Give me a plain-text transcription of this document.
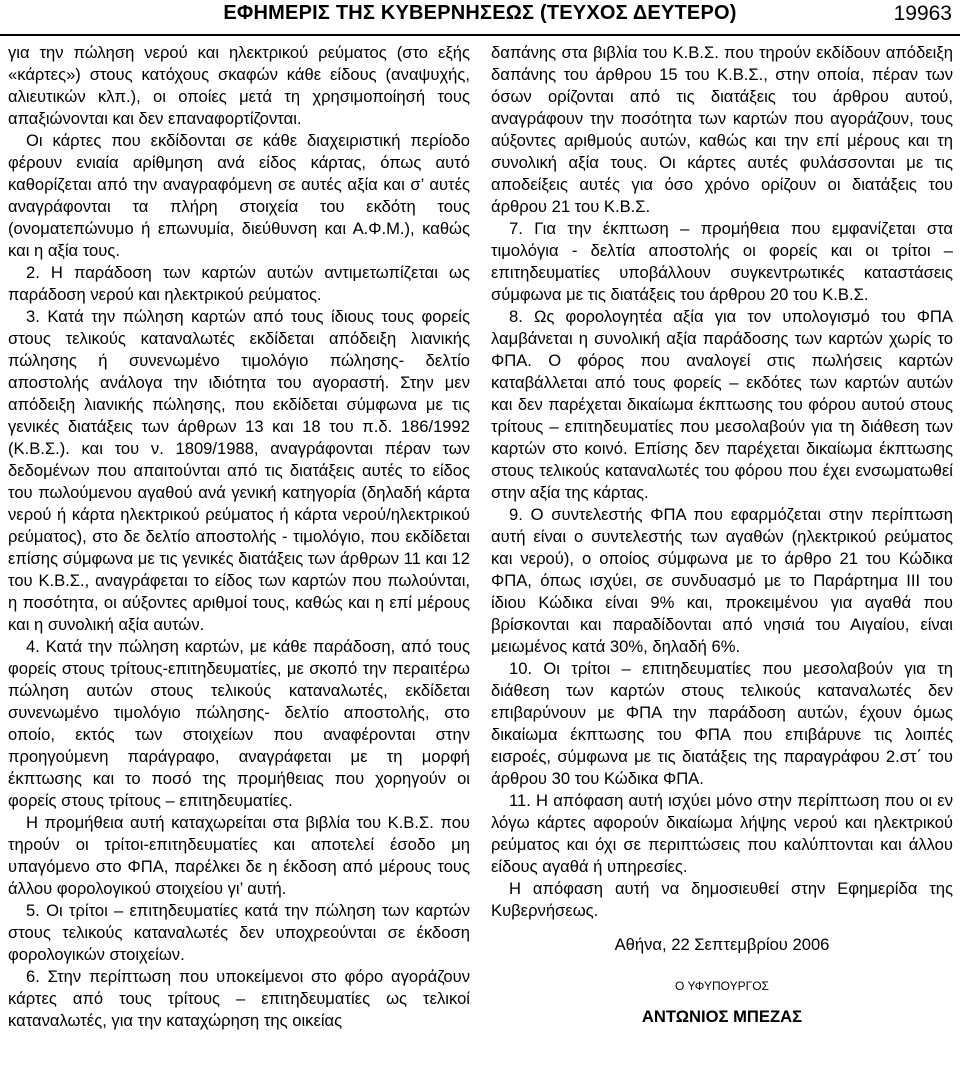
ΕΦΗΜΕΡΙΣ ΤΗΣ ΚΥΒΕΡΝΗΣΕΩΣ (ΤΕΥΧΟΣ ΔΕΥΤΕΡΟ)	19963

για την πώληση νερού και ηλεκτρικού ρεύματος (στο εξής «κάρτες») στους κατόχους σκαφών κάθε είδους (αναψυχής, αλιευτικών κλπ.), οι οποίες μετά τη χρησιμοποίησή τους απαξιώνονται και δεν επαναφορτίζονται.

Οι κάρτες που εκδίδονται σε κάθε διαχειριστική περίοδο φέρουν ενιαία αρίθμηση ανά είδος κάρτας, όπως αυτό καθορίζεται από την αναγραφόμενη σε αυτές αξία και σ’ αυτές αναγράφονται τα πλήρη στοιχεία του εκδότη τους (ονοματεπώνυμο ή επωνυμία, διεύθυνση και Α.Φ.Μ.), καθώς και η αξία τους.

2. Η παράδοση των καρτών αυτών αντιμετωπίζεται ως παράδοση νερού και ηλεκτρικού ρεύματος.

3. Κατά την πώληση καρτών από τους ίδιους τους φορείς στους τελικούς καταναλωτές εκδίδεται απόδειξη λιανικής πώλησης ή συνενωμένο τιμολόγιο πώλησης- δελτίο αποστολής ανάλογα την ιδιότητα του αγοραστή. Στην μεν απόδειξη λιανικής πώλησης, που εκδίδεται σύμφωνα με τις γενικές διατάξεις των άρθρων 13 και 18 του π.δ. 186/1992 (Κ.Β.Σ.). και του ν. 1809/1988, αναγράφονται πέραν των δεδομένων που απαιτούνται από τις διατάξεις αυτές το είδος του πωλούμενου αγαθού ανά γενική κατηγορία (δηλαδή κάρτα νερού ή κάρτα ηλεκτρικού ρεύματος ή κάρτα νερού/ηλεκτρικού ρεύματος), στο δε δελτίο αποστολής - τιμολόγιο, που εκδίδεται επίσης σύμφωνα με τις γενικές διατάξεις των άρθρων 11 και 12 του Κ.Β.Σ., αναγράφεται το είδος των καρτών που πωλούνται, η ποσότητα, οι αύξοντες αριθμοί τους, καθώς και η επί μέρους και η συνολική αξία αυτών.

4. Κατά την πώληση καρτών, με κάθε παράδοση, από τους φορείς στους τρίτους-επιτηδευματίες, με σκοπό την περαιτέρω πώληση αυτών στους τελικούς καταναλωτές, εκδίδεται συνενωμένο τιμολόγιο πώλησης- δελτίο αποστολής, στο οποίο, εκτός των στοιχείων που αναφέρονται στην προηγούμενη παράγραφο, αναγράφεται με τη μορφή έκπτωσης και το ποσό της προμήθειας που χορηγούν οι φορείς στους τρίτους – επιτηδευματίες.

Η προμήθεια αυτή καταχωρείται στα βιβλία του Κ.Β.Σ. που τηρούν οι τρίτοι-επιτηδευματίες και αποτελεί έσοδο μη υπαγόμενο στο ΦΠΑ, παρέλκει δε η έκδοση από μέρους τους άλλου φορολογικού στοιχείου γι’ αυτή.

5. Οι τρίτοι – επιτηδευματίες κατά την πώληση των καρτών στους τελικούς καταναλωτές δεν υποχρεούνται σε έκδοση φορολογικών στοιχείων.

6. Στην περίπτωση που υποκείμενοι στο φόρο αγοράζουν κάρτες από τους τρίτους – επιτηδευματίες ως τελικοί καταναλωτές, για την καταχώρηση της οικείας

δαπάνης στα βιβλία του Κ.Β.Σ. που τηρούν εκδίδουν απόδειξη δαπάνης του άρθρου 15 του Κ.Β.Σ., στην οποία, πέραν των όσων ορίζονται από τις διατάξεις του άρθρου αυτού, αναγράφουν την ποσότητα των καρτών που αγοράζουν, τους αύξοντες αριθμούς αυτών, καθώς και την επί μέρους και τη συνολική αξία τους. Οι κάρτες αυτές φυλάσσονται με τις αποδείξεις αυτές για όσο χρόνο ορίζουν οι διατάξεις του άρθρου 21 του Κ.Β.Σ.

7. Για την έκπτωση – προμήθεια που εμφανίζεται στα τιμολόγια - δελτία αποστολής οι φορείς και οι τρίτοι – επιτηδευματίες υποβάλλουν συγκεντρωτικές καταστάσεις σύμφωνα με τις διατάξεις του άρθρου 20 του Κ.Β.Σ.

8. Ως φορολογητέα αξία για τον υπολογισμό του ΦΠΑ λαμβάνεται η συνολική αξία παράδοσης των καρτών χωρίς το ΦΠΑ. Ο φόρος που αναλογεί στις πωλήσεις καρτών καταβάλλεται από τους φορείς – εκδότες των καρτών αυτών και δεν παρέχεται δικαίωμα έκπτωσης του φόρου αυτού στους τρίτους – επιτηδευματίες που μεσολαβούν για τη διάθεση των καρτών στο κοινό. Επίσης δεν παρέχεται δικαίωμα έκπτωσης στους τελικούς καταναλωτές του φόρου που έχει ενσωματωθεί στην αξία της κάρτας.

9. Ο συντελεστής ΦΠΑ που εφαρμόζεται στην περίπτωση αυτή είναι ο συντελεστής των αγαθών (ηλεκτρικού ρεύματος και νερού), ο οποίος σύμφωνα με το άρθρο 21 του Κώδικα ΦΠΑ, όπως ισχύει, σε συνδυασμό με το Παράρτημα ΙΙΙ του ίδιου Κώδικα είναι 9% και, προκειμένου για αγαθά που βρίσκονται και παραδίδονται από νησιά του Αιγαίου, είναι μειωμένος κατά 30%, δηλαδή 6%.

10. Οι τρίτοι – επιτηδευματίες που μεσολαβούν για τη διάθεση των καρτών στους τελικούς καταναλωτές δεν επιβαρύνουν με ΦΠΑ την παράδοση αυτών, έχουν όμως δικαίωμα έκπτωσης του ΦΠΑ που επιβάρυνε τις λοιπές εισροές, σύμφωνα με τις διατάξεις της παραγράφου 2.στ΄ του άρθρου 30 του Κώδικα ΦΠΑ.

11. Η απόφαση αυτή ισχύει μόνο στην περίπτωση που οι εν λόγω κάρτες αφορούν δικαίωμα λήψης νερού και ηλεκτρικού ρεύματος και όχι σε περιπτώσεις που καλύπτονται και άλλου είδους αγαθά ή υπηρεσίες.

Η απόφαση αυτή να δημοσιευθεί στην Εφημερίδα της Κυβερνήσεως.

Αθήνα, 22 Σεπτεμβρίου 2006

Ο ΥΦΥΠΟΥΡΓΟΣ

ΑΝΤΩΝΙΟΣ ΜΠΕΖΑΣ
